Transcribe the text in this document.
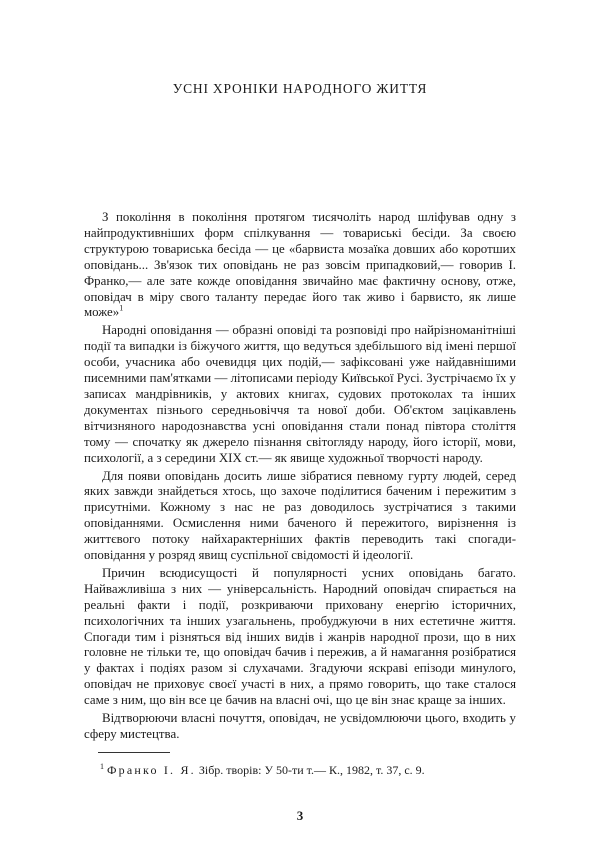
УСНІ ХРОНІКИ НАРОДНОГО ЖИТТЯ

З покоління в покоління протягом тисячоліть народ шліфував одну з найпродуктивніших форм спілкування — товариські бесіди. За своєю структурою товариська бесіда — це «барвиста мозаїка довших або коротших оповідань... Зв'язок тих оповідань не раз зовсім припадковий,— говорив І. Франко,— але зате кожде оповідання звичайно має фактичну основу, отже, оповідач в міру свого таланту передає його так живо і барвисто, як лише може»$^1$

Народні оповідання — образні оповіді та розповіді про найрізноманітніші події та випадки із біжучого життя, що ведуться здебільшого від імені першої особи, учасника або очевидця цих подій,— зафіксовані уже найдавнішими писемними пам'ятками — літописами періоду Київської Русі. Зустрічаємо їх у записах мандрівників, у актових книгах, судових протоколах та інших документах пізнього середньовіччя та нової доби. Об'єктом зацікавлень вітчизняного народознавства усні оповідання стали понад півтора століття тому — спочатку як джерело пізнання світогляду народу, його історії, мови, психології, а з середини XIX ст.— як явище художньої творчості народу.

Для появи оповідань досить лише зібратися певному гурту людей, серед яких завжди знайдеться хтось, що захоче поділитися баченим і пережитим з присутніми. Кожному з нас не раз доводилось зустрічатися з такими оповіданнями. Осмислення ними баченого й пережитого, вирізнення із життєвого потоку найхарактерніших фактів переводить такі спогади-оповідання у розряд явищ суспільної свідомості й ідеології.

Причин всюдисущості й популярності усних оповідань багато. Найважливіша з них — універсальність. Народний оповідач спирається на реальні факти і події, розкриваючи приховану енергію історичних, психологічних та інших узагальнень, пробуджуючи в них естетичне життя. Спогади тим і різняться від інших видів і жанрів народної прози, що в них головне не тільки те, що оповідач бачив і пережив, а й намагання розібратися у фактах і подіях разом зі слухачами. Згадуючи яскраві епізоди минулого, оповідач не приховує своєї участі в них, а прямо говорить, що таке сталося саме з ним, що він все це бачив на власні очі, що це він знає краще за інших.

Відтворюючи власні почуття, оповідач, не усвідомлюючи цього, входить у сферу мистецтва.

$^1$ Франко І. Я. Зібр. творів: У 50-ти т.— К., 1982, т. 37, с. 9.
3
